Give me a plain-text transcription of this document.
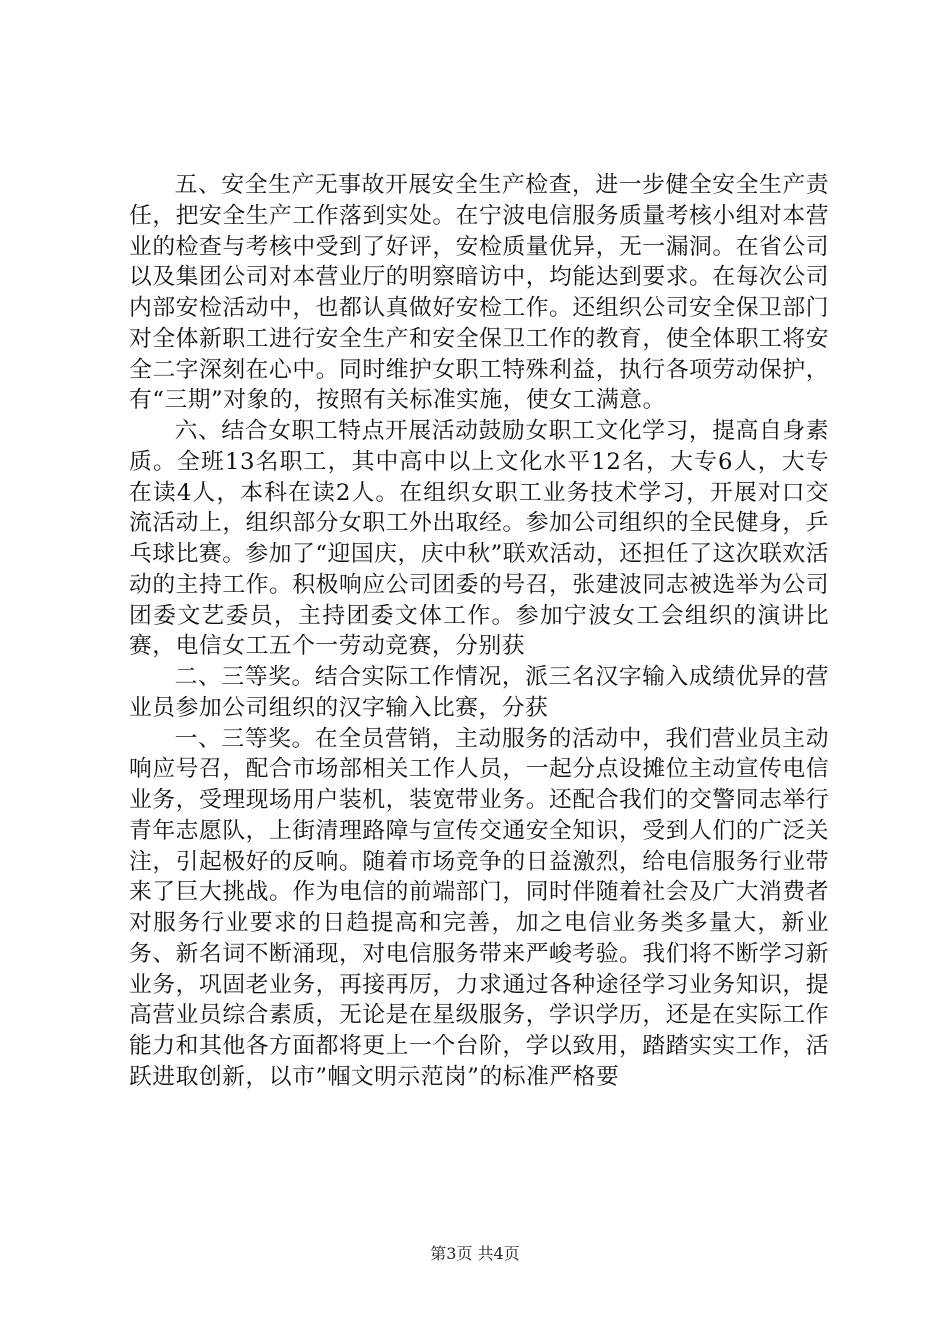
五、安全生产无事故开展安全生产检查，进一步健全安全生产责任，把安全生产工作落到实处。在宁波电信服务质量考核小组对本营业的检查与考核中受到了好评，安检质量优异，无一漏洞。在省公司以及集团公司对本营业厅的明察暗访中，均能达到要求。在每次公司内部安检活动中，也都认真做好安检工作。还组织公司安全保卫部门对全体新职工进行安全生产和安全保卫工作的教育，使全体职工将安全二字深刻在心中。同时维护女职工特殊利益，执行各项劳动保护，有“三期”对象的，按照有关标准实施，使女工满意。

六、结合女职工特点开展活动鼓励女职工文化学习，提高自身素质。全班13名职工，其中高中以上文化水平12名，大专6人，大专在读4人，本科在读2人。在组织女职工业务技术学习，开展对口交流活动上，组织部分女职工外出取经。参加公司组织的全民健身，乒乓球比赛。参加了“迎国庆，庆中秋”联欢活动，还担任了这次联欢活动的主持工作。积极响应公司团委的号召，张建波同志被选举为公司团委文艺委员，主持团委文体工作。参加宁波女工会组织的演讲比赛，电信女工五个一劳动竞赛，分别获

二、三等奖。结合实际工作情况，派三名汉字输入成绩优异的营业员参加公司组织的汉字输入比赛，分获

一、三等奖。在全员营销，主动服务的活动中，我们营业员主动响应号召，配合市场部相关工作人员，一起分点设摊位主动宣传电信业务，受理现场用户装机，装宽带业务。还配合我们的交警同志举行青年志愿队，上街清理路障与宣传交通安全知识，受到人们的广泛关注，引起极好的反响。随着市场竞争的日益激烈，给电信服务行业带来了巨大挑战。作为电信的前端部门，同时伴随着社会及广大消费者对服务行业要求的日趋提高和完善，加之电信业务类多量大，新业务、新名词不断涌现，对电信服务带来严峻考验。我们将不断学习新业务，巩固老业务，再接再厉，力求通过各种途径学习业务知识，提高营业员综合素质，无论是在星级服务，学识学历，还是在实际工作能力和其他各方面都将更上一个台阶，学以致用，踏踏实实工作，活跃进取创新，以市”帼文明示范岗”的标准严格要

第3页 共4页
